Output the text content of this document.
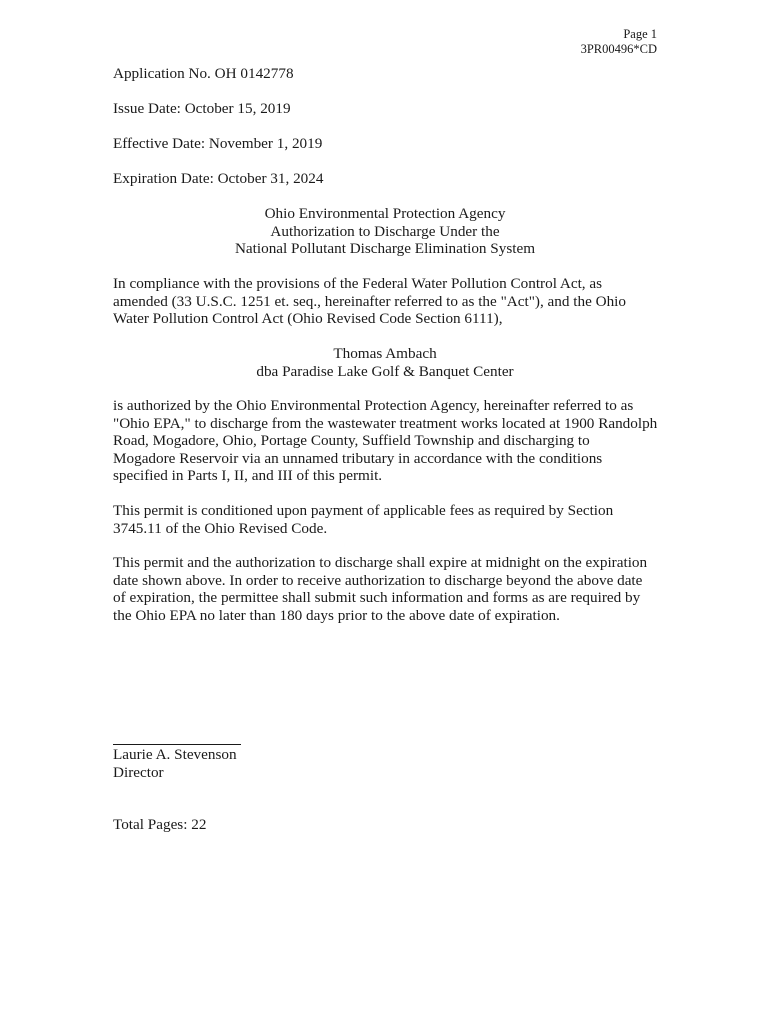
Page 1
3PR00496*CD

Application No. OH 0142778

Issue Date: October 15, 2019

Effective Date: November 1, 2019

Expiration Date: October 31, 2024

Ohio Environmental Protection Agency
Authorization to Discharge Under the
National Pollutant Discharge Elimination System
In compliance with the provisions of the Federal Water Pollution Control Act, as
amended (33 U.S.C. 1251 et. seq., hereinafter referred to as the "Act"), and the Ohio
Water Pollution Control Act (Ohio Revised Code Section 6111),
Thomas Ambach
dba Paradise Lake Golf & Banquet Center
is authorized by the Ohio Environmental Protection Agency, hereinafter referred to as
"Ohio EPA," to discharge from the wastewater treatment works located at 1900 Randolph
Road, Mogadore, Ohio, Portage County, Suffield Township and discharging to
Mogadore Reservoir via an unnamed tributary in accordance with the conditions
specified in Parts I, II, and III of this permit.
This permit is conditioned upon payment of applicable fees as required by Section
3745.11 of the Ohio Revised Code.
This permit and the authorization to discharge shall expire at midnight on the expiration
date shown above. In order to receive authorization to discharge beyond the above date
of expiration, the permittee shall submit such information and forms as are required by
the Ohio EPA no later than 180 days prior to the above date of expiration.
Laurie A. Stevenson
Director

Total Pages: 22
